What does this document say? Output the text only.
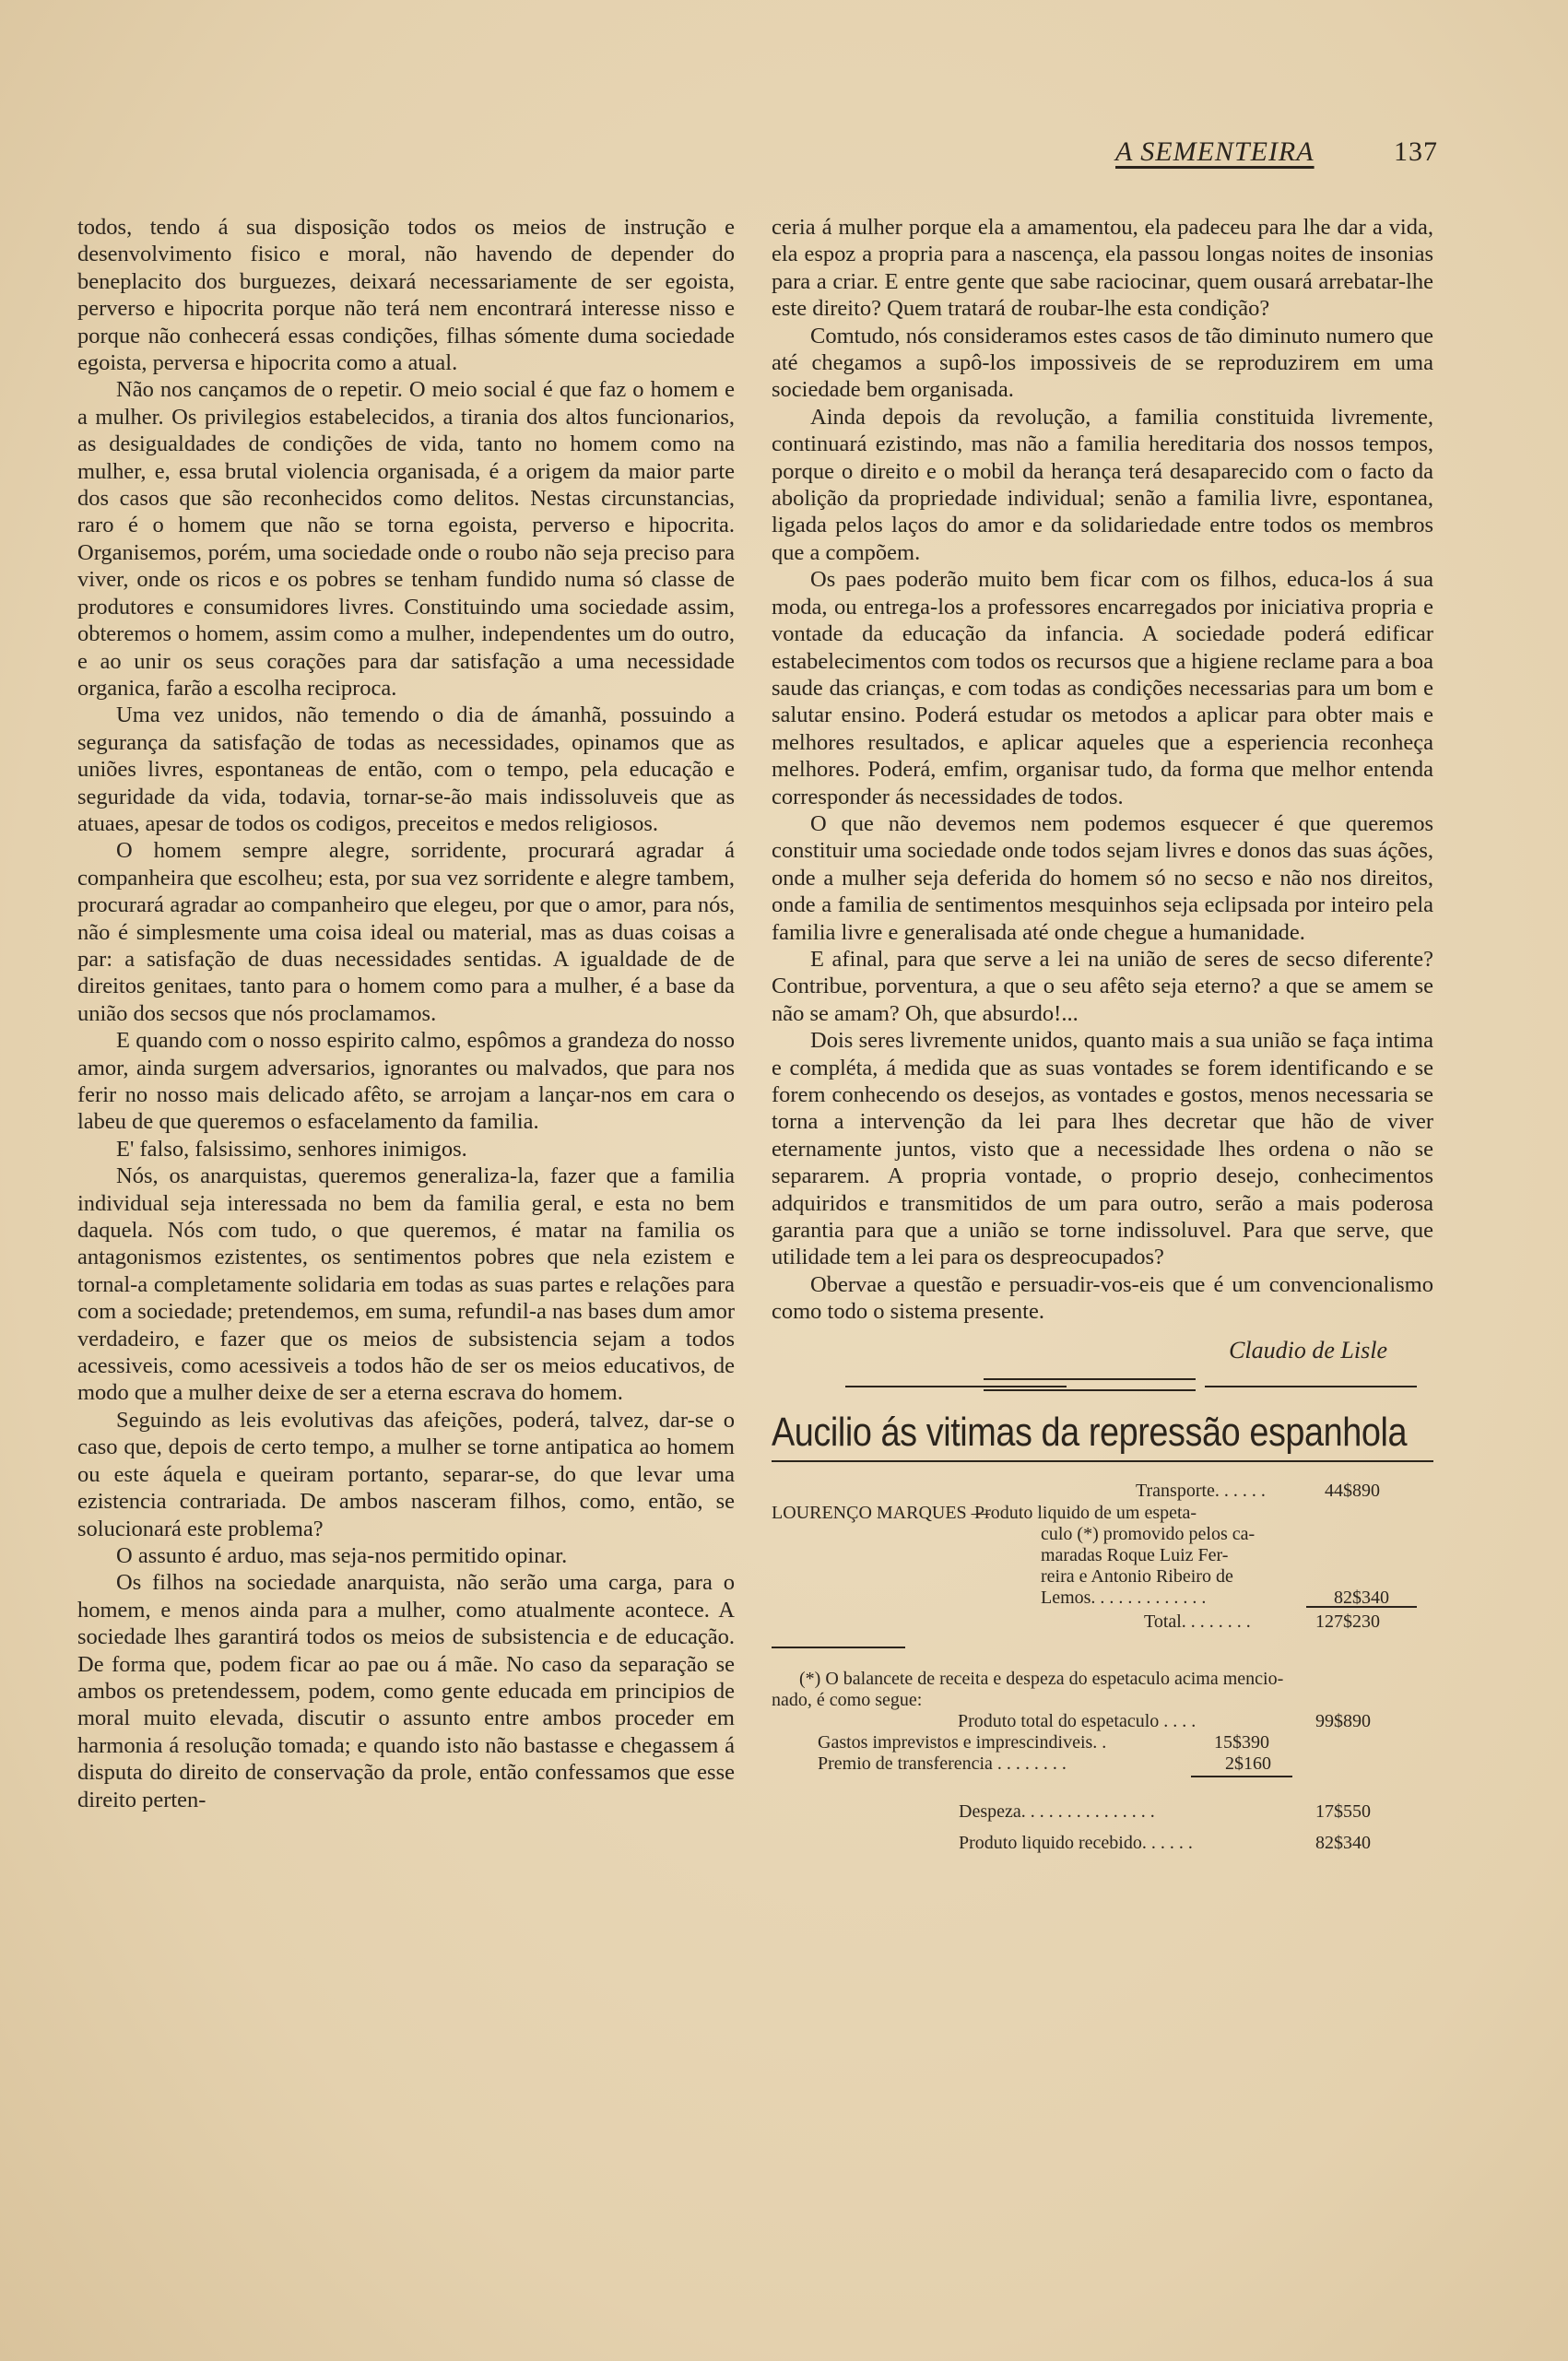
A SEMENTEIRA	137

todos, tendo á sua disposição todos os meios de instrução e desenvolvimento fisico e moral, não havendo de depender do beneplacito dos burguezes, deixará necessariamente de ser egoista, perverso e hipocrita porque não terá nem encontrará interesse nisso e porque não conhecerá essas condições, filhas sómente duma sociedade egoista, perversa e hipocrita como a atual.

Não nos cançamos de o repetir. O meio social é que faz o homem e a mulher. Os privilegios estabelecidos, a tirania dos altos funcionarios, as desigualdades de condições de vida, tanto no homem como na mulher, e, essa brutal violencia organisada, é a origem da maior parte dos casos que são reconhecidos como delitos. Nestas circunstancias, raro é o homem que não se torna egoista, perverso e hipocrita. Organisemos, porém, uma sociedade onde o roubo não seja preciso para viver, onde os ricos e os pobres se tenham fundido numa só classe de produtores e consumidores livres. Constituindo uma sociedade assim, obteremos o homem, assim como a mulher, independentes um do outro, e ao unir os seus corações para dar satisfação a uma necessidade organica, farão a escolha reciproca.

Uma vez unidos, não temendo o dia de ámanhã, possuindo a segurança da satisfação de todas as necessidades, opinamos que as uniões livres, espontaneas de então, com o tempo, pela educação e seguridade da vida, todavia, tornar-se-ão mais indissoluveis que as atuaes, apesar de todos os codigos, preceitos e medos religiosos.

O homem sempre alegre, sorridente, procurará agradar á companheira que escolheu; esta, por sua vez sorridente e alegre tambem, procurará agradar ao companheiro que elegeu, por que o amor, para nós, não é simplesmente uma coisa ideal ou material, mas as duas coisas a par: a satisfação de duas necessidades sentidas. A igualdade de de direitos genitaes, tanto para o homem como para a mulher, é a base da união dos secsos que nós proclamamos.

E quando com o nosso espirito calmo, espômos a grandeza do nosso amor, ainda surgem adversarios, ignorantes ou malvados, que para nos ferir no nosso mais delicado afêto, se arrojam a lançar-nos em cara o labeu de que queremos o esfacelamento da familia.

E' falso, falsissimo, senhores inimigos.

Nós, os anarquistas, queremos generaliza-la, fazer que a familia individual seja interessada no bem da familia geral, e esta no bem daquela. Nós com tudo, o que queremos, é matar na familia os antagonismos ezistentes, os sentimentos pobres que nela ezistem e tornal-a completamente solidaria em todas as suas partes e relações para com a sociedade; pretendemos, em suma, refundil-a nas bases dum amor verdadeiro, e fazer que os meios de subsistencia sejam a todos acessiveis, como acessiveis a todos hão de ser os meios educativos, de modo que a mulher deixe de ser a eterna escrava do homem.

Seguindo as leis evolutivas das afeições, poderá, talvez, dar-se o caso que, depois de certo tempo, a mulher se torne antipatica ao homem ou este áquela e queiram portanto, separar-se, do que levar uma ezistencia contrariada. De ambos nasceram filhos, como, então, se solucionará este problema?

O assunto é arduo, mas seja-nos permitido opinar.

Os filhos na sociedade anarquista, não serão uma carga, para o homem, e menos ainda para a mulher, como atualmente acontece. A sociedade lhes garantirá todos os meios de subsistencia e de educação. De forma que, podem ficar ao pae ou á mãe. No caso da separação se ambos os pretendessem, podem, como gente educada em principios de moral muito elevada, discutir o assunto entre ambos proceder em harmonia á resolução tomada; e quando isto não bastasse e chegassem á disputa do direito de conservação da prole, então confessamos que esse direito perten-

ceria á mulher porque ela a amamentou, ela padeceu para lhe dar a vida, ela espoz a propria para a nascença, ela passou longas noites de insonias para a criar. E entre gente que sabe raciocinar, quem ousará arrebatar-lhe este direito? Quem tratará de roubar-lhe esta condição?

Comtudo, nós consideramos estes casos de tão diminuto numero que até chegamos a supô-los impossiveis de se reproduzirem em uma sociedade bem organisada.

Ainda depois da revolução, a familia constituida livremente, continuará ezistindo, mas não a familia hereditaria dos nossos tempos, porque o direito e o mobil da herança terá desaparecido com o facto da abolição da propriedade individual; senão a familia livre, espontanea, ligada pelos laços do amor e da solidariedade entre todos os membros que a compõem.

Os paes poderão muito bem ficar com os filhos, educa-los á sua moda, ou entrega-los a professores encarregados por iniciativa propria e vontade da educação da infancia. A sociedade poderá edificar estabelecimentos com todos os recursos que a higiene reclame para a boa saude das crianças, e com todas as condições necessarias para um bom e salutar ensino. Poderá estudar os metodos a aplicar para obter mais e melhores resultados, e aplicar aqueles que a esperiencia reconheça melhores. Poderá, emfim, organisar tudo, da forma que melhor entenda corresponder ás necessidades de todos.

O que não devemos nem podemos esquecer é que queremos constituir uma sociedade onde todos sejam livres e donos das suas áções, onde a mulher seja deferida do homem só no secso e não nos direitos, onde a familia de sentimentos mesquinhos seja eclipsada por inteiro pela familia livre e generalisada até onde chegue a humanidade.

E afinal, para que serve a lei na união de seres de secso diferente? Contribue, porventura, a que o seu afêto seja eterno? a que se amem se não se amam? Oh, que absurdo!...

Dois seres livremente unidos, quanto mais a sua união se faça intima e compléta, á medida que as suas vontades se forem identificando e se forem conhecendo os desejos, as vontades e gostos, menos necessaria se torna a intervenção da lei para lhes decretar que hão de viver eternamente juntos, visto que a necessidade lhes ordena o não se separarem. A propria vontade, o proprio desejo, conhecimentos adquiridos e transmitidos de um para outro, serão a mais poderosa garantia para que a união se torne indissoluvel. Para que serve, que utilidade tem a lei para os despreocupados?

Obervae a questão e persuadir-vos-eis que é um convencionalismo como todo o sistema presente.

Claudio de Lisle
Aucilio ás vitimas da repressão espanhola
Transporte. . . . . .	44$890
LOURENÇO MARQUES —
Produto liquido de um espeta-
culo (*) promovido pelos ca-
maradas Roque Luiz Fer-
reira e Antonio Ribeiro de
Lemos. . . . . . . . . . . . .	82$340
Total. . . . . . . .	127$230
(*) O balancete de receita e despeza do espetaculo acima mencio-
nado, é como segue:
Produto total do espetaculo . . . .	99$890
Gastos imprevistos e imprescindiveis. .	15$390
Premio de transferencia . . . . . . . .	2$160
Despeza. . . . . . . . . . . . . . .	17$550
Produto liquido recebido. . . . . .	82$340
